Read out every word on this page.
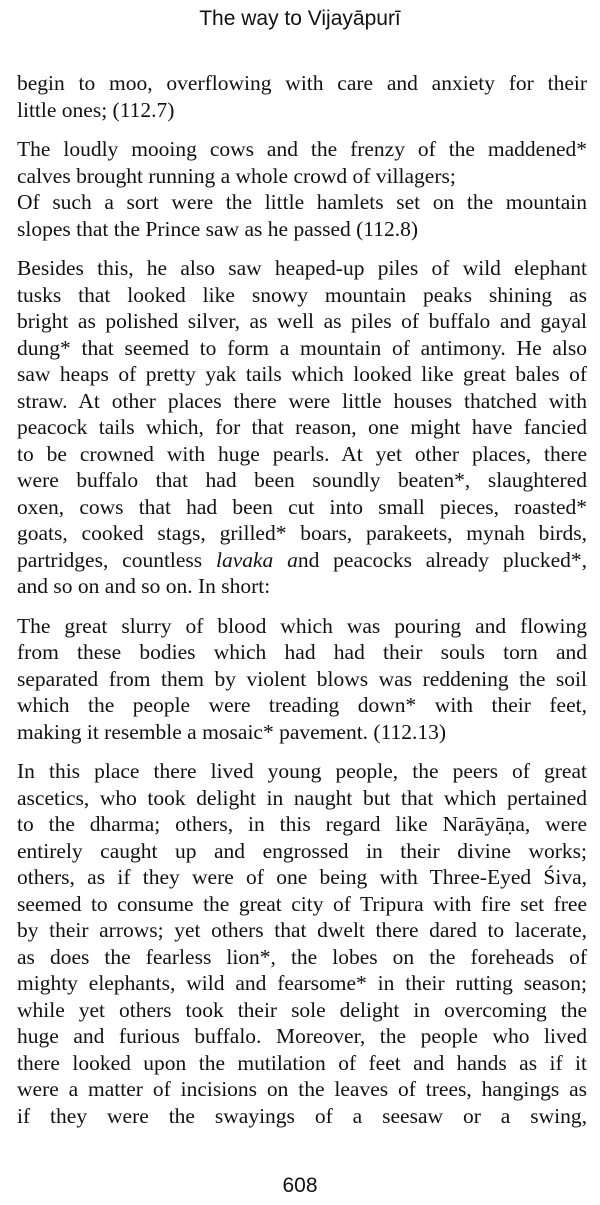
The way to Vijayāpurī
begin to moo, overflowing with care and anxiety for their
little ones; (112.7)
The loudly mooing cows and the frenzy of the maddened*
calves brought running a whole crowd of villagers;
Of such a sort were the little hamlets set on the mountain
slopes that the Prince saw as he passed (112.8)
Besides this, he also saw heaped-up piles of wild elephant
tusks that looked like snowy mountain peaks shining as
bright as polished silver, as well as piles of buffalo and gayal
dung* that seemed to form a mountain of antimony. He also
saw heaps of pretty yak tails which looked like great bales of
straw. At other places there were little houses thatched with
peacock tails which, for that reason, one might have fancied
to be crowned with huge pearls. At yet other places, there
were buffalo that had been soundly beaten*, slaughtered
oxen, cows that had been cut into small pieces, roasted*
goats, cooked stags, grilled* boars, parakeets, mynah birds,
partridges, countless lavaka and peacocks already plucked*,
and so on and so on. In short:
The great slurry of blood which was pouring and flowing
from these bodies which had had their souls torn and
separated from them by violent blows was reddening the soil
which the people were treading down* with their feet,
making it resemble a mosaic* pavement. (112.13)
In this place there lived young people, the peers of great
ascetics, who took delight in naught but that which pertained
to the dharma; others, in this regard like Narāyāṇa, were
entirely caught up and engrossed in their divine works;
others, as if they were of one being with Three-Eyed Śiva,
seemed to consume the great city of Tripura with fire set free
by their arrows; yet others that dwelt there dared to lacerate,
as does the fearless lion*, the lobes on the foreheads of
mighty elephants, wild and fearsome* in their rutting season;
while yet others took their sole delight in overcoming the
huge and furious buffalo. Moreover, the people who lived
there looked upon the mutilation of feet and hands as if it
were a matter of incisions on the leaves of trees, hangings as
if they were the swayings of a seesaw or a swing,
608
